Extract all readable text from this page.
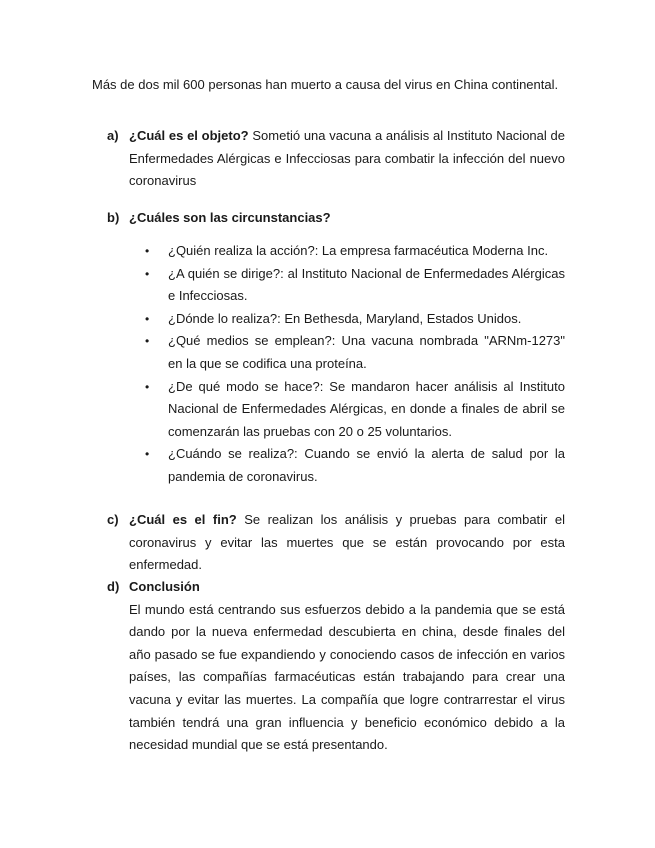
Más de dos mil 600 personas han muerto a causa del virus en China continental.

a) ¿Cuál es el objeto? Sometió una vacuna a análisis al Instituto Nacional de Enfermedades Alérgicas e Infecciosas para combatir la infección del nuevo coronavirus
b) ¿Cuáles son las circunstancias?
•	¿Quién realiza la acción?: La empresa farmacéutica Moderna Inc.
•	¿A quién se dirige?: al Instituto Nacional de Enfermedades Alérgicas e Infecciosas.
•	¿Dónde lo realiza?: En Bethesda, Maryland, Estados Unidos.
•	¿Qué medios se emplean?: Una vacuna nombrada "ARNm-1273" en la que se codifica una proteína.
•	¿De qué modo se hace?: Se mandaron hacer análisis al Instituto Nacional de Enfermedades Alérgicas, en donde a finales de abril se comenzarán las pruebas con 20 o 25 voluntarios.
•	¿Cuándo se realiza?: Cuando se envió la alerta de salud por la pandemia de coronavirus.
c) ¿Cuál es el fin? Se realizan los análisis y pruebas para combatir el coronavirus y evitar las muertes que se están provocando por esta enfermedad.
d) Conclusión
El mundo está centrando sus esfuerzos debido a la pandemia que se está dando por la nueva enfermedad descubierta en china, desde finales del año pasado se fue expandiendo y conociendo casos de infección en varios países, las compañías farmacéuticas están trabajando para crear una vacuna y evitar las muertes. La compañía que logre contrarrestar el virus también tendrá una gran influencia y beneficio económico debido a la necesidad mundial que se está presentando.
